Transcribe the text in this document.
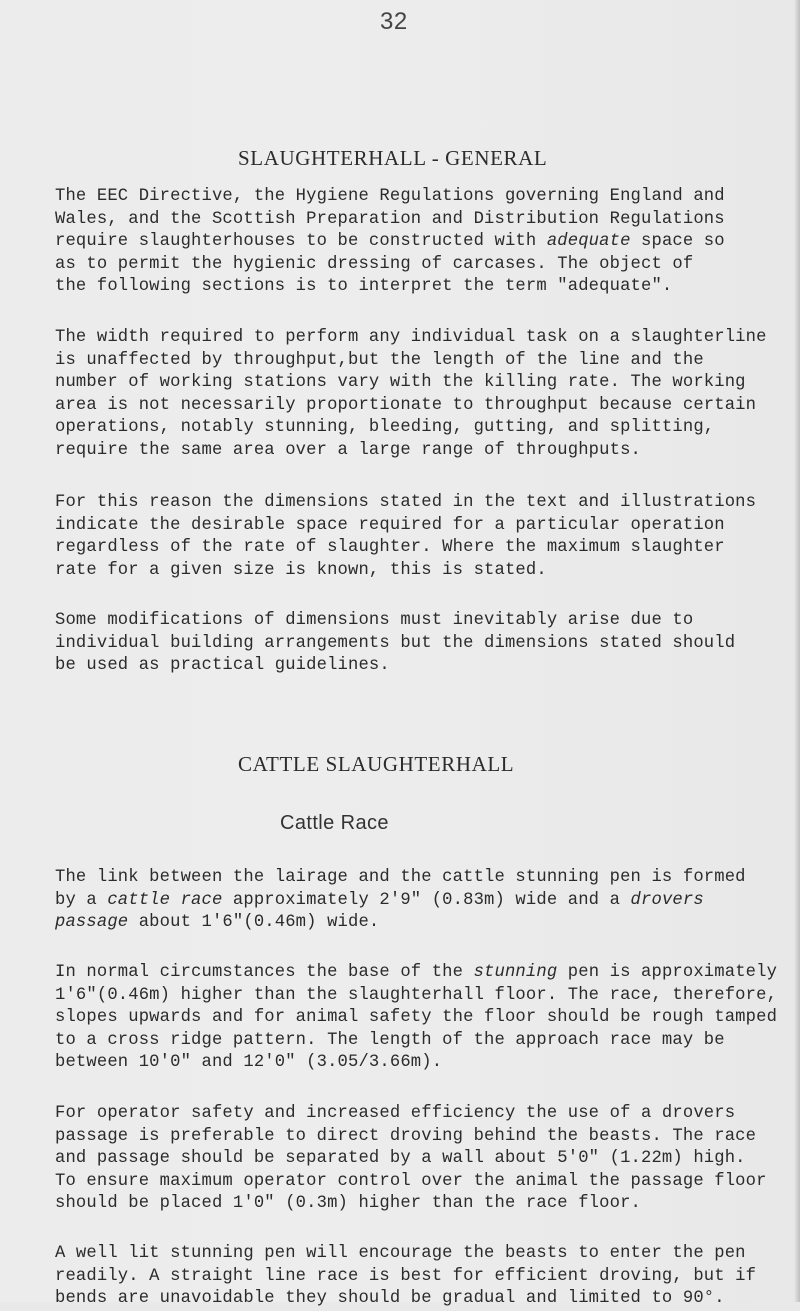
32
SLAUGHTERHALL - GENERAL
The EEC Directive, the Hygiene Regulations governing England and
Wales, and the Scottish Preparation and Distribution Regulations
require slaughterhouses to be constructed with adequate space so
as to permit the hygienic dressing of carcases. The object of
the following sections is to interpret the term "adequate".
The width required to perform any individual task on a slaughterline
is unaffected by throughput,but the length of the line and the
number of working stations vary with the killing rate. The working
area is not necessarily proportionate to throughput because certain
operations, notably stunning, bleeding, gutting, and splitting,
require the same area over a large range of throughputs.
For this reason the dimensions stated in the text and illustrations
indicate the desirable space required for a particular operation
regardless of the rate of slaughter. Where the maximum slaughter
rate for a given size is known, this is stated.
Some modifications of dimensions must inevitably arise due to
individual building arrangements but the dimensions stated should
be used as practical guidelines.
CATTLE SLAUGHTERHALL
Cattle Race
The link between the lairage and the cattle stunning pen is formed
by a cattle race approximately 2'9" (0.83m) wide and a drovers
passage about 1'6"(0.46m) wide.
In normal circumstances the base of the stunning pen is approximately
1'6"(0.46m) higher than the slaughterhall floor. The race, therefore,
slopes upwards and for animal safety the floor should be rough tamped
to a cross ridge pattern. The length of the approach race may be
between 10'0" and 12'0" (3.05/3.66m).
For operator safety and increased efficiency the use of a drovers
passage is preferable to direct droving behind the beasts. The race
and passage should be separated by a wall about 5'0" (1.22m) high.
To ensure maximum operator control over the animal the passage floor
should be placed 1'0" (0.3m) higher than the race floor.
A well lit stunning pen will encourage the beasts to enter the pen
readily. A straight line race is best for efficient droving, but if
bends are unavoidable they should be gradual and limited to 90°.
